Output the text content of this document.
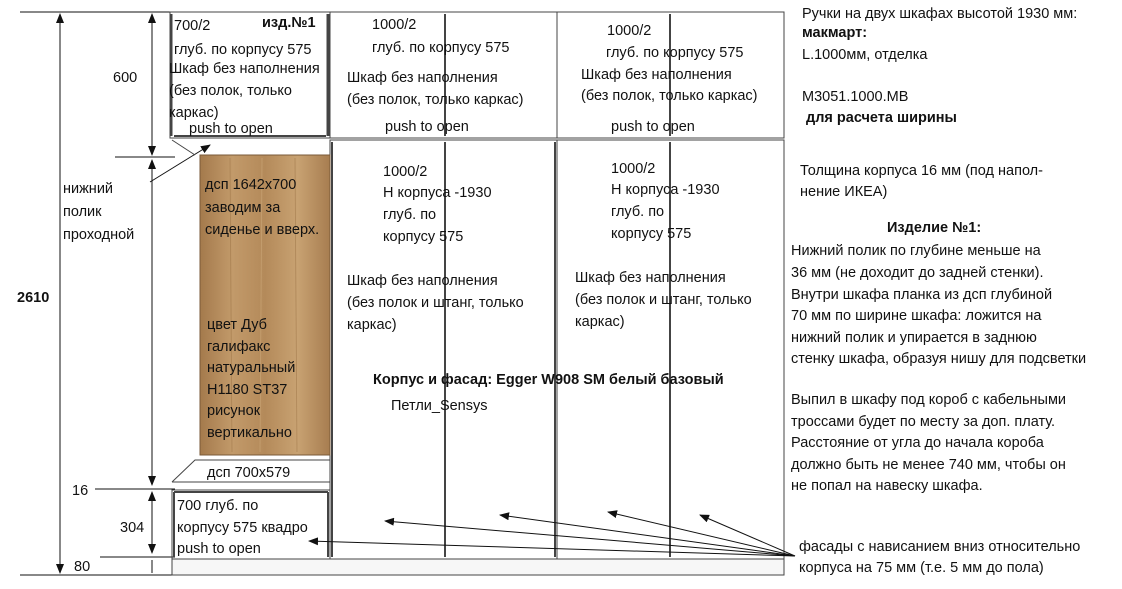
2610
600
16
304
80
нижний
полик
проходной
700/2	изд.№1
глуб. по корпусу 575
Шкаф без наполнения
(без полок, только
каркас)
push to open
1000/2
глуб. по корпусу 575
Шкаф без наполнения
(без полок, только каркас)
push to open
1000/2
глуб. по корпусу 575
Шкаф без наполнения
(без полок, только каркас)
push to open
дсп 1642x700
заводим за
сиденье и вверх.
цвет Дуб
галифакс
натуральный
H1180 ST37
рисунок
вертикально
дсп 700x579
1000/2
Н корпуса -1930
глуб. по
корпусу 575
Шкаф без наполнения
(без полок и штанг, только
каркас)
1000/2
Н корпуса -1930
глуб. по
корпусу 575
Шкаф без наполнения
(без полок и штанг, только
каркас)
Корпус и фасад: Egger W908 SM белый базовый
Петли_Sensys
700 глуб. по
корпусу 575 квадро
push to open
Ручки на двух шкафах высотой 1930 мм:
макмарт:
L.1000мм, отделка
М3051.1000.МВ
для расчета ширины
Толщина корпуса 16 мм (под напол-
нение ИКЕА)
Изделие №1:
Нижний полик по глубине меньше на
36 мм (не доходит до задней стенки).
Внутри шкафа планка из дсп глубиной
70 мм по ширине шкафа: ложится на
нижний полик и упирается в заднюю
стенку шкафа, образуя нишу для подсветки
Выпил в шкафу под короб с кабельными
троссами будет по месту за доп. плату.
Расстояние от угла до начала короба
должно быть не менее 740 мм, чтобы он
не попал на навеску шкафа.
фасады с нависанием вниз относительно
корпуса на 75 мм (т.е. 5 мм до пола)
